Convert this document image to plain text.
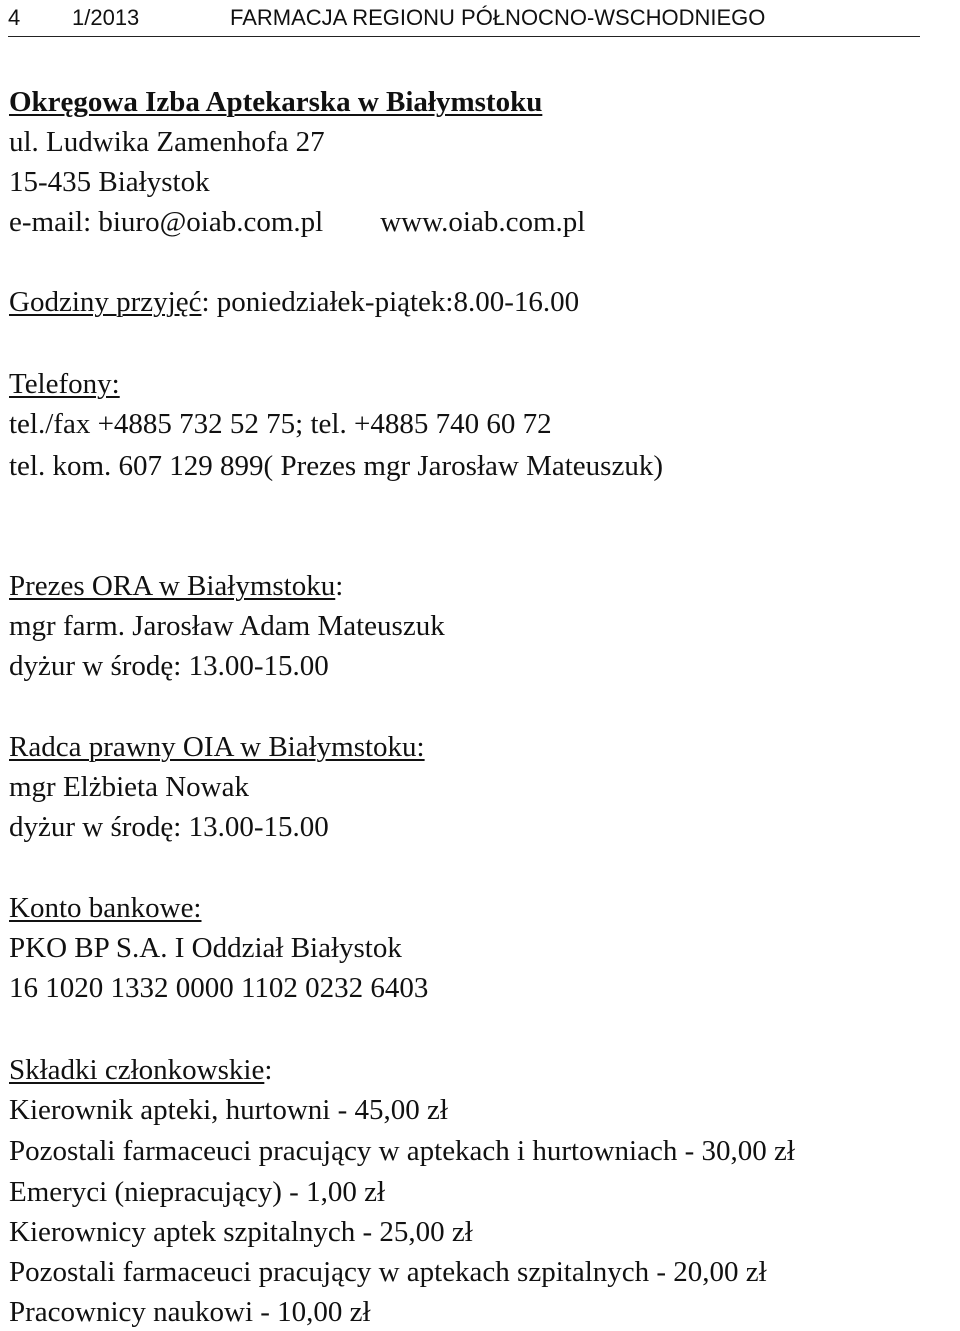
4 1/2013	FARMACJA REGIONU PÓŁNOCNO-WSCHODNIEGO
Okręgowa Izba Aptekarska w Białymstoku
ul. Ludwika Zamenhofa 27
15-435 Białystok
e-mail: biuro@oiab.com.pl www.oiab.com.pl
Godziny przyjęć: poniedziałek-piątek:8.00-16.00
Telefony:
tel./fax +4885 732 52 75; tel. +4885 740 60 72
tel. kom. 607 129 899( Prezes mgr Jarosław Mateuszuk)
Prezes ORA w Białymstoku:
mgr farm. Jarosław Adam Mateuszuk
dyżur w środę: 13.00-15.00
Radca prawny OIA w Białymstoku:
mgr Elżbieta Nowak
dyżur w środę: 13.00-15.00
Konto bankowe:
PKO BP S.A. I Oddział Białystok
16 1020 1332 0000 1102 0232 6403
Składki członkowskie:
Kierownik apteki, hurtowni - 45,00 zł
Pozostali farmaceuci pracujący w aptekach i hurtowniach - 30,00 zł
Emeryci (niepracujący) - 1,00 zł
Kierownicy aptek szpitalnych - 25,00 zł
Pozostali farmaceuci pracujący w aptekach szpitalnych - 20,00 zł
Pracownicy naukowi - 10,00 zł
